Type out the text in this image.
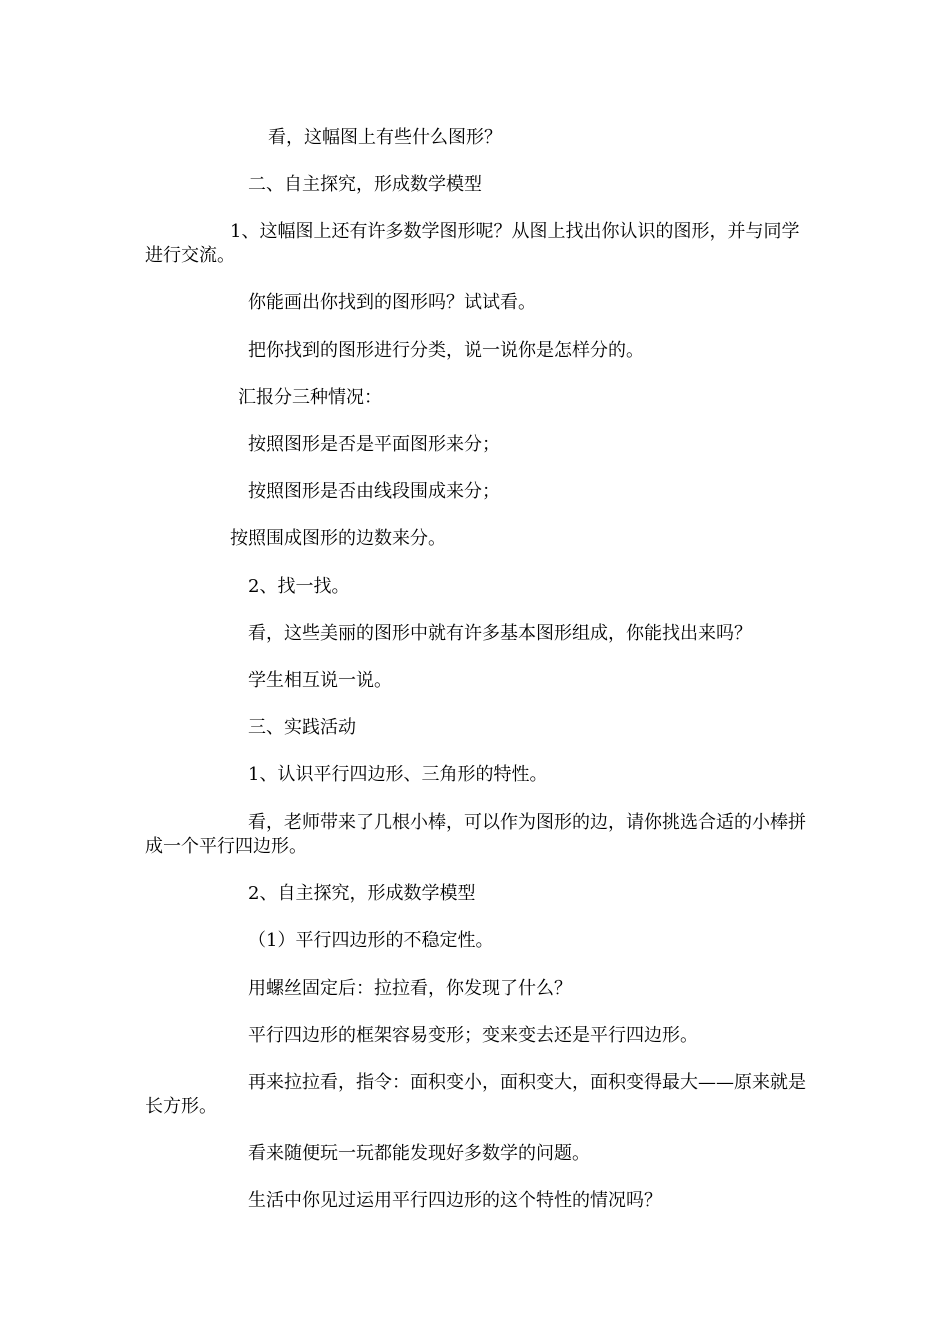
看，这幅图上有些什么图形？

二、自主探究，形成数学模型

1、这幅图上还有许多数学图形呢？从图上找出你认识的图形，并与同学进行交流。

你能画出你找到的图形吗？试试看。

把你找到的图形进行分类，说一说你是怎样分的。

汇报分三种情况：

按照图形是否是平面图形来分；

按照图形是否由线段围成来分；

按照围成图形的边数来分。

2、找一找。

看，这些美丽的图形中就有许多基本图形组成，你能找出来吗？

学生相互说一说。

三、实践活动

1、认识平行四边形、三角形的特性。

看，老师带来了几根小棒，可以作为图形的边，请你挑选合适的小棒拼成一个平行四边形。

2、自主探究，形成数学模型

（1）平行四边形的不稳定性。

用螺丝固定后：拉拉看，你发现了什么？

平行四边形的框架容易变形；变来变去还是平行四边形。

再来拉拉看，指令：面积变小，面积变大，面积变得最大——原来就是长方形。

看来随便玩一玩都能发现好多数学的问题。

生活中你见过运用平行四边形的这个特性的情况吗？
